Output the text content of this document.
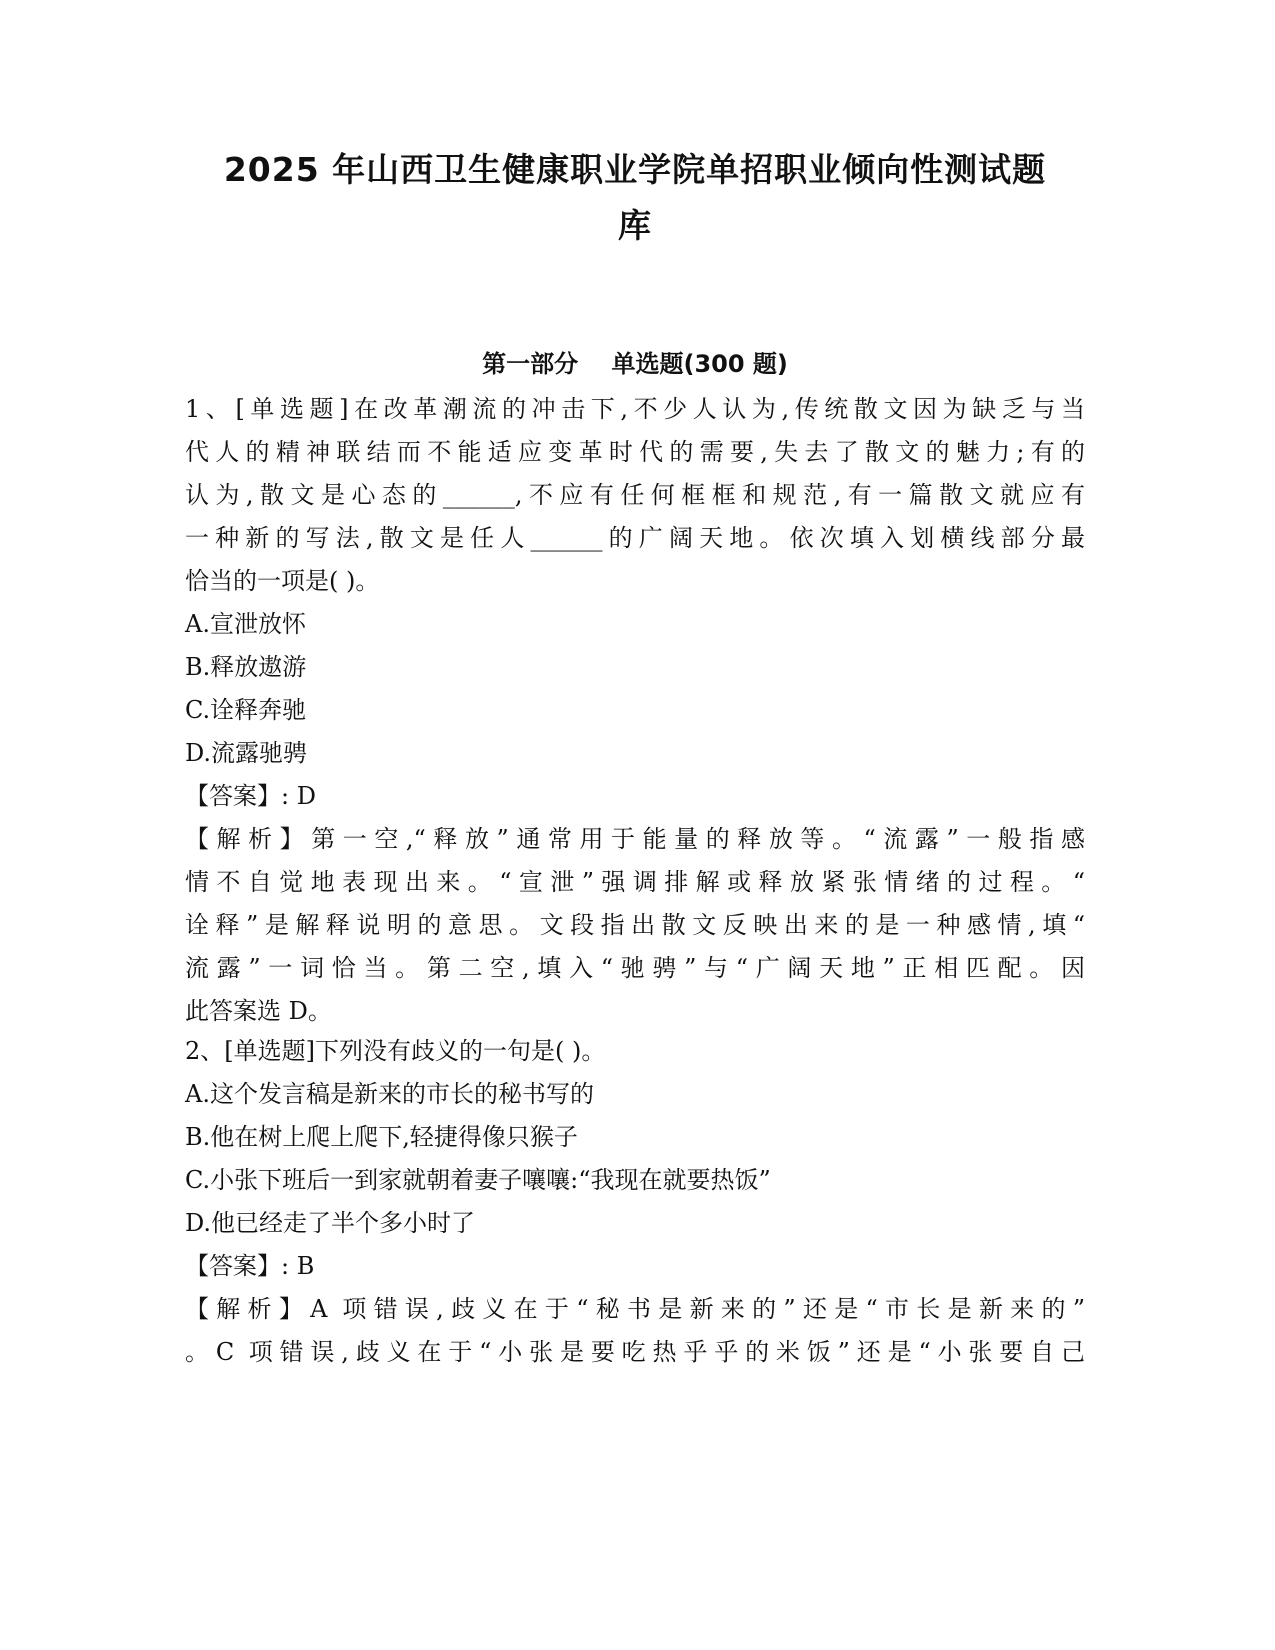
2025 年山西卫生健康职业学院单招职业倾向性测试题
库
第一部分 单选题(300 题)
1、[单选题]在改革潮流的冲击下,不少人认为,传统散文因为缺乏与当
代人的精神联结而不能适应变革时代的需要,失去了散文的魅力;有的
认为,散文是心态的______,不应有任何框框和规范,有一篇散文就应有
一种新的写法,散文是任人______的广阔天地。依次填入划横线部分最
恰当的一项是( )。
A.宣泄放怀
B.释放遨游
C.诠释奔驰
D.流露驰骋
【答案】: D
【解析】第一空,“释放”通常用于能量的释放等。“流露”一般指感
情不自觉地表现出来。“宣泄”强调排解或释放紧张情绪的过程。“
诠释”是解释说明的意思。文段指出散文反映出来的是一种感情,填“
流露”一词恰当。第二空,填入“驰骋”与“广阔天地”正相匹配。因
此答案选 D。
2、[单选题]下列没有歧义的一句是( )。
A.这个发言稿是新来的市长的秘书写的
B.他在树上爬上爬下,轻捷得像只猴子
C.小张下班后一到家就朝着妻子嚷嚷:“我现在就要热饭”
D.他已经走了半个多小时了
【答案】: B
【解析】A 项错误,歧义在于“秘书是新来的”还是“市长是新来的”
。C 项错误,歧义在于“小张是要吃热乎乎的米饭”还是“小张要自己
